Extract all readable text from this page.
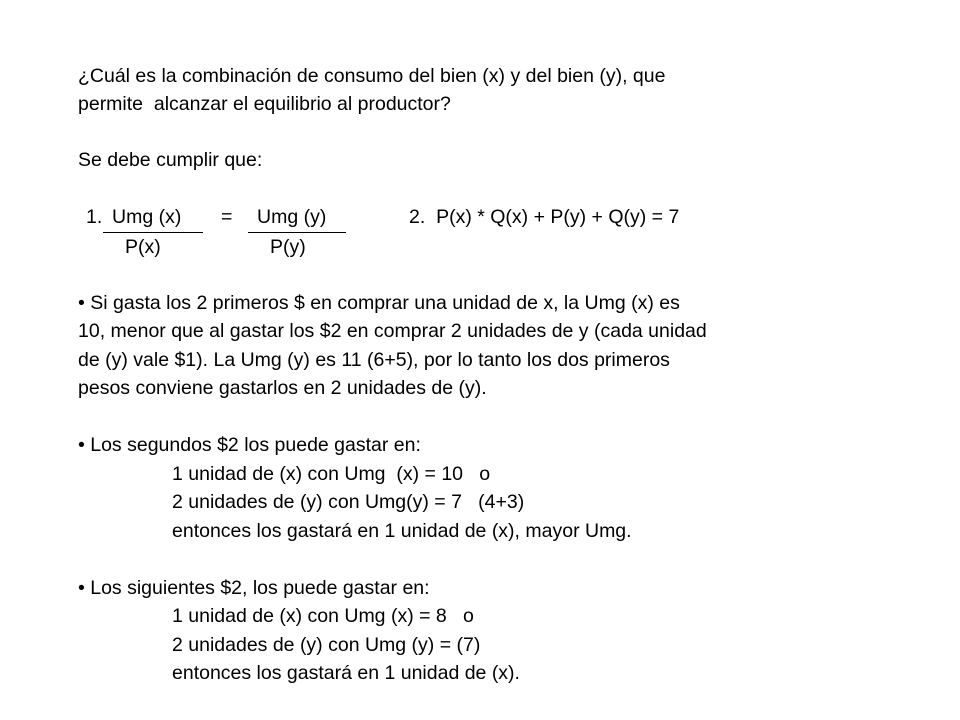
¿Cuál es la combinación de consumo del bien (x) y del bien (y), que
permite  alcanzar el equilibrio al productor?
Se debe cumplir que:
1. Umg (x) = Umg (y)
P(x)	P(y)
2.  P(x) * Q(x) + P(y) + Q(y) = 7
• Si gasta los 2 primeros $ en comprar una unidad de x, la Umg (x) es
10, menor que al gastar los $2 en comprar 2 unidades de y (cada unidad
de (y) vale $1). La Umg (y) es 11 (6+5), por lo tanto los dos primeros
pesos conviene gastarlos en 2 unidades de (y).
• Los segundos $2 los puede gastar en:
1 unidad de (x) con Umg  (x) = 10   o
2 unidades de (y) con Umg(y) = 7   (4+3)
entonces los gastará en 1 unidad de (x), mayor Umg.
• Los siguientes $2, los puede gastar en:
1 unidad de (x) con Umg (x) = 8   o
2 unidades de (y) con Umg (y) = (7)
entonces los gastará en 1 unidad de (x).
